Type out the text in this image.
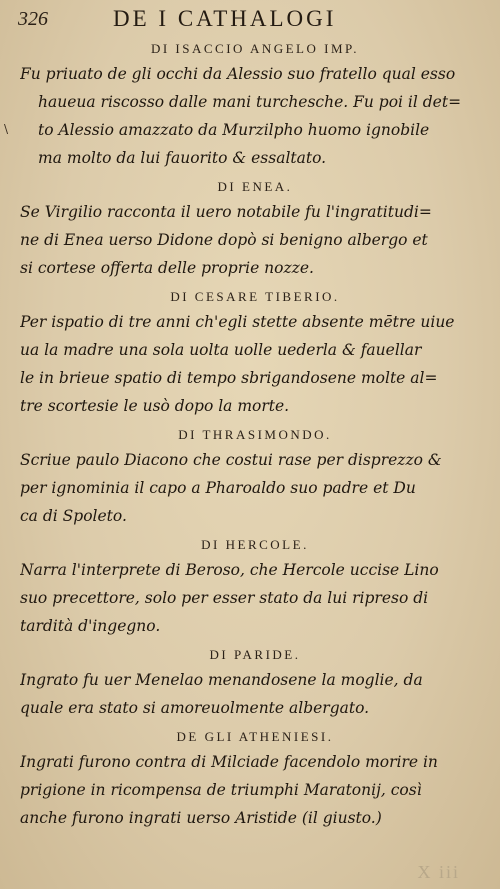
326	DE I CATHALOGI
\
DI ISACCIO ANGELO IMP.
Fu priuato de gli occhi da Alessio suo fratello qual esso
haueua riscosso dalle mani turchesche. Fu poi il det=
to Alessio amazzato da Murzilpho huomo ignobile
ma molto da lui fauorito & essaltato.
DI ENEA.
Se Virgilio racconta il uero notabile fu l'ingratitudi=
ne di Enea uerso Didone dopò si benigno albergo et
si cortese offerta delle proprie nozze.
DI CESARE TIBERIO.
Per ispatio di tre anni ch'egli stette absente mētre uiue
ua la madre una sola uolta uolle uederla & fauellar
le in brieue spatio di tempo sbrigandosene molte al=
tre scortesie le usò dopo la morte.
DI THRASIMONDO.
Scriue paulo Diacono che costui rase per disprezzo &
per ignominia il capo a Pharoaldo suo padre et Du
ca di Spoleto.
DI HERCOLE.
Narra l'interprete di Beroso, che Hercole uccise Lino
suo precettore, solo per esser stato da lui ripreso di
tardità d'ingegno.
DI PARIDE.
Ingrato fu uer Menelao menandosene la moglie, da
quale era stato si amoreuolmente albergato.
DE GLI ATHENIESI.
Ingrati furono contra di Milciade facendolo morire in
prigione in ricompensa de triumphi Maratonij, così
anche furono ingrati uerso Aristide (il giusto.)
X iii
